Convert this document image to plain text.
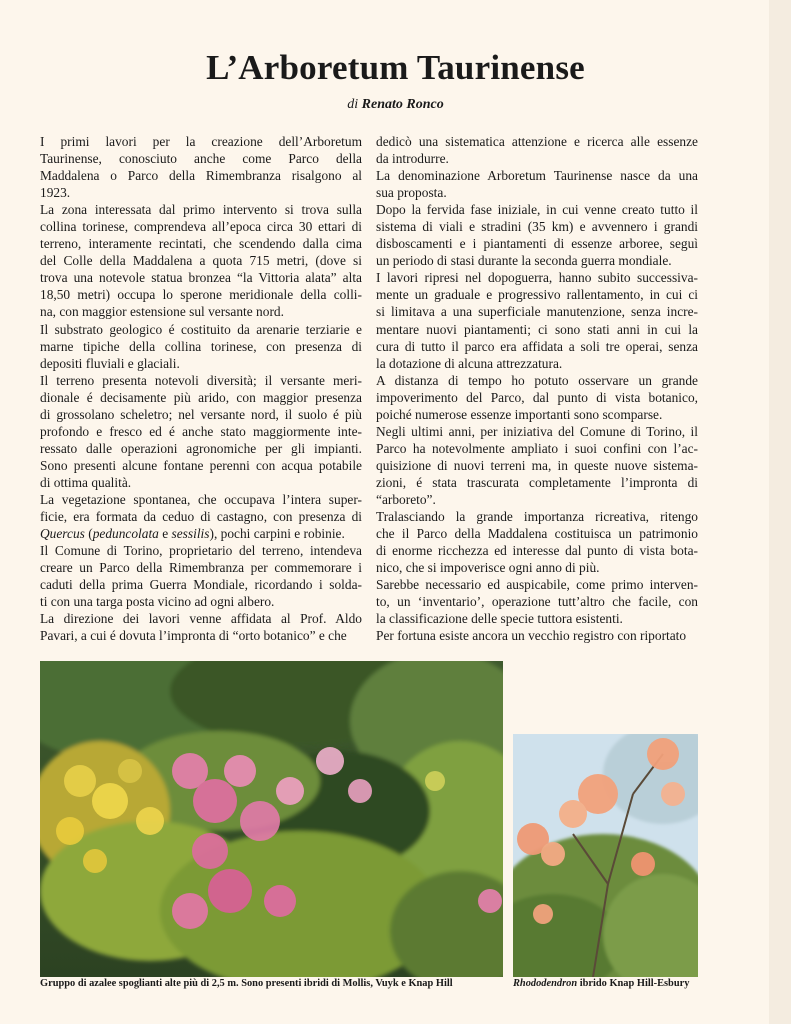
L’Arboretum Taurinense
di Renato Ronco

I primi lavori per la creazione dell’Arboretum
Taurinense, conosciuto anche come Parco della
Maddalena o Parco della Rimembranza risalgono al
1923.

La zona interessata dal primo intervento si trova sulla
collina torinese, comprendeva all’epoca circa 30 ettari di
terreno, interamente recintati, che scendendo dalla cima
del Colle della Maddalena a quota 715 metri, (dove si
trova una notevole statua bronzea “la Vittoria alata” alta
18,50 metri) occupa lo sperone meridionale della colli-
na, con maggior estensione sul versante nord.

Il substrato geologico é costituito da arenarie terziarie e
marne tipiche della collina torinese, con presenza di
depositi fluviali e glaciali.

Il terreno presenta notevoli diversità; il versante meri-
dionale é decisamente più arido, con maggior presenza
di grossolano scheletro; nel versante nord, il suolo é più
profondo e fresco ed é anche stato maggiormente inte-
ressato dalle operazioni agronomiche per gli impianti.
Sono presenti alcune fontane perenni con acqua potabile
di ottima qualità.

La vegetazione spontanea, che occupava l’intera super-
ficie, era formata da ceduo di castagno, con presenza di
Quercus (peduncolata e sessilis), pochi carpini e robinie.

Il Comune di Torino, proprietario del terreno, intendeva
creare un Parco della Rimembranza per commemorare i
caduti della prima Guerra Mondiale, ricordando i solda-
ti con una targa posta vicino ad ogni albero.

La direzione dei lavori venne affidata al Prof. Aldo
Pavari, a cui é dovuta l’impronta di “orto botanico” e che

dedicò una sistematica attenzione e ricerca alle essenze
da introdurre.

La denominazione Arboretum Taurinense nasce da una
sua proposta.

Dopo la fervida fase iniziale, in cui venne creato tutto il
sistema di viali e stradini (35 km) e avvennero i grandi
disboscamenti e i piantamenti di essenze arboree, seguì
un periodo di stasi durante la seconda guerra mondiale.

I lavori ripresi nel dopoguerra, hanno subito successiva-
mente un graduale e progressivo rallentamento, in cui ci
si limitava a una superficiale manutenzione, senza incre-
mentare nuovi piantamenti; ci sono stati anni in cui la
cura di tutto il parco era affidata a soli tre operai, senza
la dotazione di alcuna attrezzatura.

A distanza di tempo ho potuto osservare un grande
impoverimento del Parco, dal punto di vista botanico,
poiché numerose essenze importanti sono scomparse.

Negli ultimi anni, per iniziativa del Comune di Torino, il
Parco ha notevolmente ampliato i suoi confini con l’ac-
quisizione di nuovi terreni ma, in queste nuove sistema-
zioni, é stata trascurata completamente l’impronta di
“arboreto”.

Tralasciando la grande importanza ricreativa, ritengo
che il Parco della Maddalena costituisca un patrimonio
di enorme ricchezza ed interesse dal punto di vista bota-
nico, che si impoverisce ogni anno di più.

Sarebbe necessario ed auspicabile, come primo interven-
to, un ‘inventario’, operazione tutt’altro che facile, con
la classificazione delle specie tuttora esistenti.

Per fortuna esiste ancora un vecchio registro con riportato

Gruppo di azalee spoglianti alte più di 2,5 m. Sono presenti ibridi di Mollis, Vuyk e Knap Hill	Rhododendron ibrido Knap Hill-Esbury
